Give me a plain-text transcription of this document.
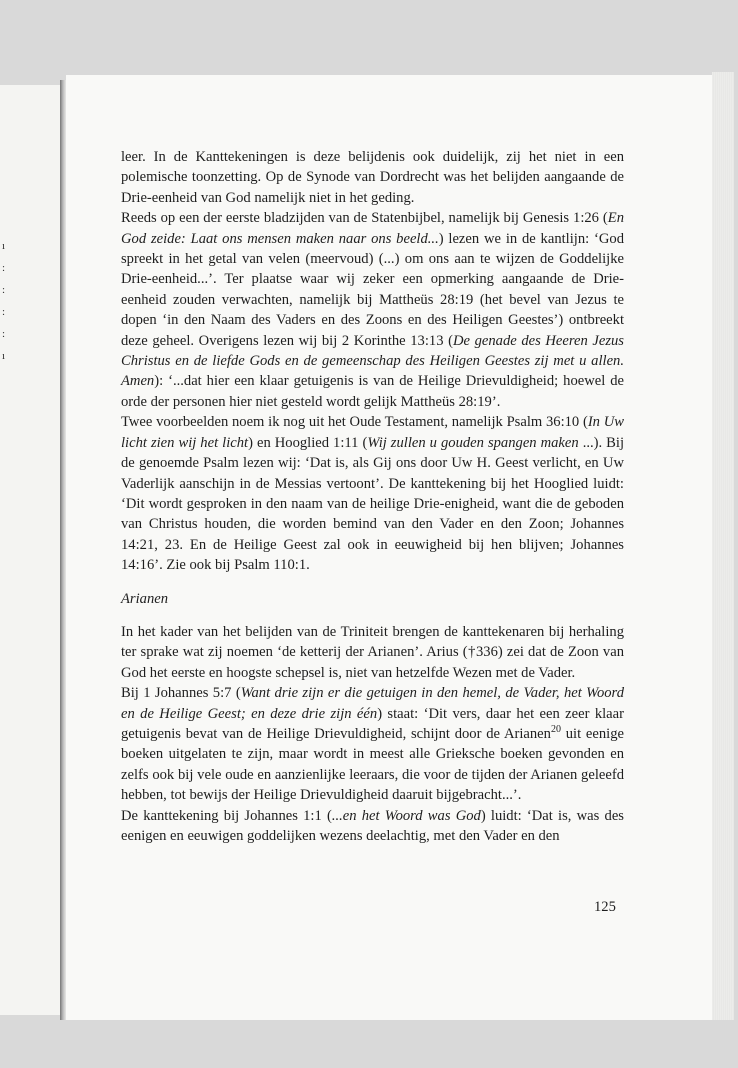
ı
:
:
:
:
ı

leer. In de Kanttekeningen is deze belijdenis ook duidelijk, zij het niet in een polemische toonzetting. Op de Synode van Dordrecht was het belijden aangaande de Drie-eenheid van God namelijk niet in het geding.

Reeds op een der eerste bladzijden van de Statenbijbel, namelijk bij Genesis 1:26 (En God zeide: Laat ons mensen maken naar ons beeld...) lezen we in de kantlijn: ‘God spreekt in het getal van velen (meervoud) (...) om ons aan te wijzen de Goddelijke Drie-eenheid...’. Ter plaatse waar wij zeker een opmerking aangaande de Drie-eenheid zouden verwachten, namelijk bij Mattheüs 28:19 (het bevel van Jezus te dopen ‘in den Naam des Vaders en des Zoons en des Heiligen Geestes’) ontbreekt deze geheel. Overigens lezen wij bij 2 Korinthe 13:13 (De genade des Heeren Jezus Christus en de liefde Gods en de gemeenschap des Heiligen Geestes zij met u allen. Amen): ‘...dat hier een klaar getuigenis is van de Heilige Drievuldigheid; hoewel de orde der personen hier niet gesteld wordt gelijk Mattheüs 28:19’.

Twee voorbeelden noem ik nog uit het Oude Testament, namelijk Psalm 36:10 (In Uw licht zien wij het licht) en Hooglied 1:11 (Wij zullen u gouden spangen maken ...). Bij de genoemde Psalm lezen wij: ‘Dat is, als Gij ons door Uw H. Geest verlicht, en Uw Vaderlijk aanschijn in de Messias vertoont’. De kanttekening bij het Hooglied luidt: ‘Dit wordt gesproken in den naam van de heilige Drie-enigheid, want die de geboden van Christus houden, die worden bemind van den Vader en den Zoon; Johannes 14:21, 23. En de Heilige Geest zal ook in eeuwigheid bij hen blijven; Johannes 14:16’. Zie ook bij Psalm 110:1.

Arianen

In het kader van het belijden van de Triniteit brengen de kanttekenaren bij herhaling ter sprake wat zij noemen ‘de ketterij der Arianen’. Arius (†336) zei dat de Zoon van God het eerste en hoogste schepsel is, niet van hetzelfde Wezen met de Vader.

Bij 1 Johannes 5:7 (Want drie zijn er die getuigen in den hemel, de Vader, het Woord en de Heilige Geest; en deze drie zijn één) staat: ‘Dit vers, daar het een zeer klaar getuigenis bevat van de Heilige Drievuldigheid, schijnt door de Arianen$^{20}$ uit eenige boeken uitgelaten te zijn, maar wordt in meest alle Grieksche boeken gevonden en zelfs ook bij vele oude en aanzienlijke leeraars, die voor de tijden der Arianen geleefd hebben, tot bewijs der Heilige Drievuldigheid daaruit bijgebracht...’.

De kanttekening bij Johannes 1:1 (...en het Woord was God) luidt: ‘Dat is, was des eenigen en eeuwigen goddelijken wezens deelachtig, met den Vader en den

125
